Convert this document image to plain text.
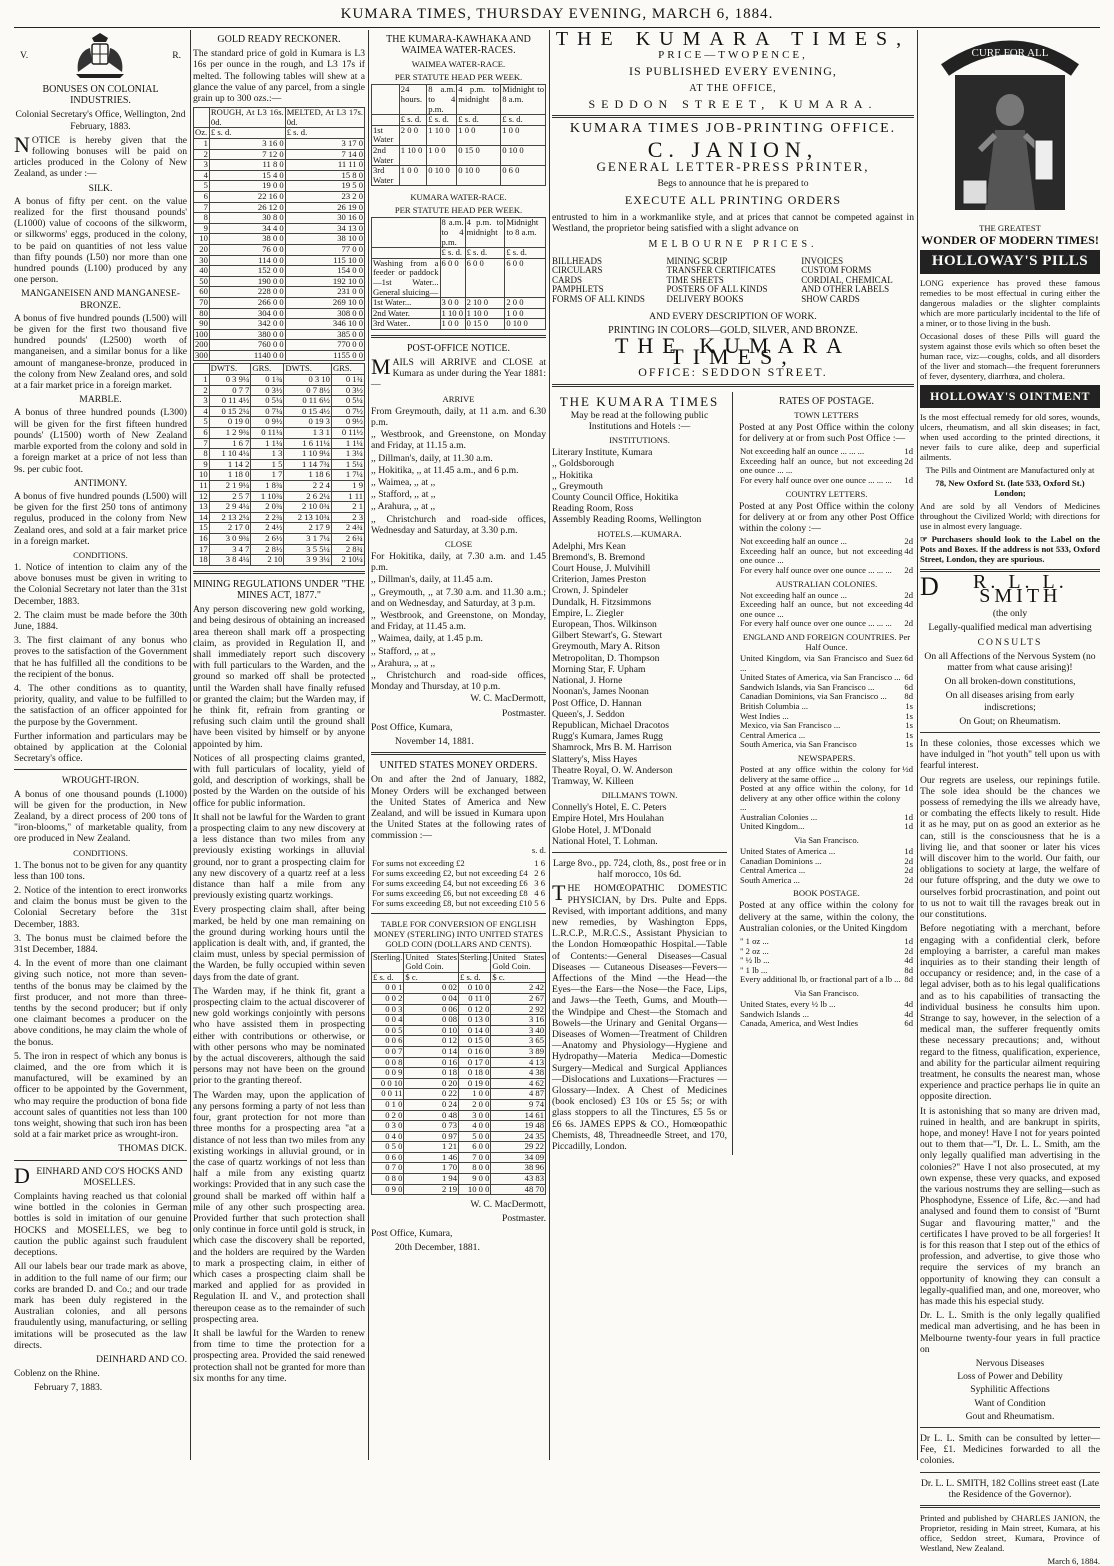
KUMARA TIMES, THURSDAY EVENING, MARCH 6, 1884.
V.	R.
BONUSES ON COLONIAL INDUSTRIES.

Colonial Secretary's Office, Wellington, 2nd February, 1883.

NOTICE is hereby given that the following bonuses will be paid on articles produced in the Colony of New Zealand, as under :—

SILK.

A bonus of fifty per cent. on the value realized for the first thousand pounds' (L1000) value of cocoons of the silkworm, or silkworms' eggs, produced in the colony, to be paid on quantities of not less value than fifty pounds (L50) nor more than one hundred pounds (L100) produced by any one person.

MANGANEISEN AND MANGANESE-BRONZE.

A bonus of five hundred pounds (L500) will be given for the first two thousand five hundred pounds' (L2500) worth of manganeisen, and a similar bonus for a like amount of manganese-bronze, produced in the colony from New Zealand ores, and sold at a fair market price in a foreign market.

MARBLE.

A bonus of three hundred pounds (L300) will be given for the first fifteen hundred pounds' (L1500) worth of New Zealand marble exported from the colony and sold in a foreign market at a price of not less than 9s. per cubic foot.

ANTIMONY.

A bonus of five hundred pounds (L500) will be given for the first 250 tons of antimony regulus, produced in the colony from New Zealand ores, and sold at a fair market price in a foreign market.

CONDITIONS.

1. Notice of intention to claim any of the above bonuses must be given in writing to the Colonial Secretary not later than the 31st December, 1883.

2. The claim must be made before the 30th June, 1884.

3. The first claimant of any bonus who proves to the satisfaction of the Government that he has fulfilled all the conditions to be the recipient of the bonus.

4. The other conditions as to quantity, priority, quality, and value to be fulfilled to the satisfaction of an officer appointed for the purpose by the Government.

Further information and particulars may be obtained by application at the Colonial Secretary's office.

WROUGHT-IRON.

A bonus of one thousand pounds (L1000) will be given for the production, in New Zealand, by a direct process of 200 tons of "iron-blooms," of marketable quality, from ore produced in New Zealand.

CONDITIONS.

1. The bonus not to be given for any quantity less than 100 tons.

2. Notice of the intention to erect ironworks and claim the bonus must be given to the Colonial Secretary before the 31st December, 1883.

3. The bonus must be claimed before the 31st December, 1884.

4. In the event of more than one claimant giving such notice, not more than seven-tenths of the bonus may be claimed by the first producer, and not more than three-tenths by the second producer; but if only one claimant becomes a producer on the above conditions, he may claim the whole of the bonus.

5. The iron in respect of which any bonus is claimed, and the ore from which it is manufactured, will be examined by an officer to be appointed by the Government, who may require the production of bona fide account sales of quantities not less than 100 tons weight, showing that such iron has been sold at a fair market price as wrought-iron.

THOMAS DICK.

DEINHARD AND CO'S HOCKS AND MOSELLES.

Complaints having reached us that colonial wine bottled in the colonies in German bottles is sold in imitation of our genuine HOCKS and MOSELLES, we beg to caution the public against such fraudulent deceptions.

All our labels bear our trade mark as above, in addition to the full name of our firm; our corks are branded D. and Co.; and our trade mark has been duly registered in the Australian colonies, and all persons fraudulently using, manufacturing, or selling imitations will be prosecuted as the law directs.

DEINHARD AND CO.

Coblenz on the Rhine.

February 7, 1883.

GOLD READY RECKONER.

The standard price of gold in Kumara is L3 16s per ounce in the rough, and L3 17s if melted. The following tables will shew at a glance the value of any parcel, from a single grain up to 300 ozs.:—

	ROUGH, At L3 16s. 0d.	MELTED, At L3 17s. 0d.
Oz.	£ s. d.	£ s. d.
1	3 16 0	3 17 0
2	7 12 0	7 14 0
3	11 8 0	11 11 0
4	15 4 0	15 8 0
5	19 0 0	19 5 0
6	22 16 0	23 2 0
7	26 12 0	26 19 0
8	30 8 0	30 16 0
9	34 4 0	34 13 0
10	38 0 0	38 10 0
20	76 0 0	77 0 0
30	114 0 0	115 10 0
40	152 0 0	154 0 0
50	190 0 0	192 10 0
60	228 0 0	231 0 0
70	266 0 0	269 10 0
80	304 0 0	308 0 0
90	342 0 0	346 10 0
100	380 0 0	385 0 0
200	760 0 0	770 0 0
300	1140 0 0	1155 0 0
	DWTS.	GRS.	DWTS.	GRS.
1	0 3 9¼	0 1¾	0 3 10	0 1¾
2	0 7 7	0 3½	0 7 8½	0 3½
3	0 11 4½	0 5¼	0 11 6½	0 5¼
4	0 15 2¼	0 7¼	0 15 4½	0 7½
5	0 19 0	0 9½	0 19 3	0 9½
6	1 2 9¾	0 11¼	1 3 1	0 11½
7	1 6 7	1 1¼	1 6 11¼	1 1¼
8	1 10 4¼	1 3	1 10 9¼	1 3¼
9	1 14 2	1 5	1 14 7¾	1 5¼
10	1 18 0	1 7	1 18 6	1 7¼
11	2 1 9¼	1 8¾	2 2 4	1 9
12	2 5 7	1 10¾	2 6 2¼	1 11
13	2 9 4¼	2 0¾	2 10 0¾	2 1
14	2 13 2¼	2 2¾	2 13 10¾	2 3
15	2 17 0	2 4½	2 17 9	2 4¾
16	3 0 9¾	2 6½	3 1 7¼	2 6¾
17	3 4 7	2 8½	3 5 5¼	2 8¾
18	3 8 4¼	2 10	3 9 3¼	2 10¼
MINING REGULATIONS UNDER "THE MINES ACT, 1877."

Any person discovering new gold working, and being desirous of obtaining an increased area thereon shall mark off a prospecting claim, as provided in Regulation II, and shall immediately report such discovery with full particulars to the Warden, and the ground so marked off shall be protected until the Warden shall have finally refused or granted the claim; but the Warden may, if he think fit, refrain from granting or refusing such claim until the ground shall have been visited by himself or by anyone appointed by him.

Notices of all prospecting claims granted, with full particulars of locality, yield of gold, and description of workings, shall be posted by the Warden on the outside of his office for public information.

It shall not be lawful for the Warden to grant a prospecting claim to any new discovery at a less distance than two miles from any previously existing workings in alluvial ground, nor to grant a prospecting claim for any new discovery of a quartz reef at a less distance than half a mile from any previously existing quartz workings.

Every prospecting claim shall, after being marked, be held by one man remaining on the ground during working hours until the application is dealt with, and, if granted, the claim must, unless by special permission of the Warden, be fully occupied within seven days from the date of grant.

The Warden may, if he think fit, grant a prospecting claim to the actual discoverer of new gold workings conjointly with persons who have assisted them in prospecting either with contributions or otherwise, or with other persons who may be nominated by the actual discoverers, although the said persons may not have been on the ground prior to the granting thereof.

The Warden may, upon the application of any persons forming a party of not less than four, grant protection for not more than three months for a prospecting area "at a distance of not less than two miles from any existing workings in alluvial ground, or in the case of quartz workings of not less than half a mile from any existing quartz workings: Provided that in any such case the ground shall be marked off within half a mile of any other such prospecting area. Provided further that such protection shall only continue in force until gold is struck, in which case the discovery shall be reported, and the holders are required by the Warden to mark a prospecting claim, in either of which cases a prospecting claim shall be marked and applied for as provided in Regulation II. and V., and protection shall thereupon cease as to the remainder of such prospecting area.

It shall be lawful for the Warden to renew from time to time the protection for a prospecting area. Provided the said renewed protection shall not be granted for more than six months for any time.

THE KUMARA-KAWHAKA AND WAIMEA WATER-RACES.
WAIMEA WATER-RACE.
PER STATUTE HEAD PER WEEK.
	24 hours.	8 a.m. to 4 p.m.	4 p.m. to midnight	Midnight to 8 a.m.
	£ s. d.	£ s. d.	£ s. d.	£ s. d.
1st Water	2 0 0	1 10 0	1 0 0	1 0 0
2nd Water	1 10 0	1 0 0	0 15 0	0 10 0
3rd Water	1 0 0	0 10 0	0 10 0	0 6 0
KUMARA WATER-RACE.
PER STATUTE HEAD PER WEEK.
	8 a.m. to 4 p.m.	4 p.m. to midnight	Midnight to 8 a.m.
	£ s. d.	£ s. d.	£ s. d.
Washing from a feeder or paddock—1st Water... General sluicing—	6 0 0	6 0 0	6 0 0
1st Water...	3 0 0	2 10 0	2 0 0
2nd Water.	1 10 0	1 10 0	1 0 0
3rd Water..	1 0 0	0 15 0	0 10 0
POST-OFFICE NOTICE.

MAILS will ARRIVE and CLOSE at Kumara as under during the Year 1881:—

ARRIVE

From Greymouth, daily, at 11 a.m. and 6.30 p.m.

,, Westbrook, and Greenstone, on Monday and Friday, at 11.15 a.m.

,, Dillman's, daily, at 11.30 a.m.

,, Hokitika, ,, at 11.45 a.m., and 6 p.m.

,, Waimea, ,, at ,,

,, Stafford, ,, at ,,

,, Arahura, ,, at ,,

,, Christchurch and road-side offices, Wednesday and Saturday, at 3.30 p.m.

CLOSE

For Hokitika, daily, at 7.30 a.m. and 1.45 p.m.

,, Dillman's, daily, at 11.45 a.m.

,, Greymouth, ,, at 7.30 a.m. and 11.30 a.m.; and on Wednesday, and Saturday, at 3 p.m.

,, Westbrook, and Greenstone, on Monday, and Friday, at 11.45 a.m.

,, Waimea, daily, at 1.45 p.m.

,, Stafford, ,, at ,,

,, Arahura, ,, at ,,

,, Christchurch and road-side offices, Monday and Thursday, at 10 p.m.

W. C. MacDermott,

Postmaster.

Post Office, Kumara,

November 14, 1881.

UNITED STATES MONEY ORDERS.

On and after the 2nd of January, 1882, Money Orders will be exchanged between the United States of America and New Zealand, and will be issued in Kumara upon the United States at the following rates of commission :—

s. d.

For sums not exceeding £2	1 6
For sums exceeding £2, but not exceeding £4	2 6
For sums exceeding £4, but not exceeding £6	3 6
For sums exceeding £6, but not exceeding £8	4 6
For sums exceeding £8, but not exceeding £10	5 6

TABLE FOR CONVERSION OF ENGLISH MONEY (STERLING) INTO UNITED STATES GOLD COIN (DOLLARS AND CENTS).

Sterling.	United States Gold Coin.	Sterling.	United States Gold Coin.
£ s. d.	$ c.	£ s. d.	$ c.
0 0 1	0 02	0 10 0	2 42
0 0 2	0 04	0 11 0	2 67
0 0 3	0 06	0 12 0	2 92
0 0 4	0 08	0 13 0	3 16
0 0 5	0 10	0 14 0	3 40
0 0 6	0 12	0 15 0	3 65
0 0 7	0 14	0 16 0	3 89
0 0 8	0 16	0 17 0	4 13
0 0 9	0 18	0 18 0	4 38
0 0 10	0 20	0 19 0	4 62
0 0 11	0 22	1 0 0	4 87
0 1 0	0 24	2 0 0	9 74
0 2 0	0 48	3 0 0	14 61
0 3 0	0 73	4 0 0	19 48
0 4 0	0 97	5 0 0	24 35
0 5 0	1 21	6 0 0	29 22
0 6 0	1 46	7 0 0	34 09
0 7 0	1 70	8 0 0	38 96
0 8 0	1 94	9 0 0	43 83
0 9 0	2 19	10 0 0	48 70

W. C. MacDermott,

Postmaster.

Post Office, Kumara,

20th December, 1881.

THE KUMARA TIMES,
PRICE—TWOPENCE,
IS PUBLISHED EVERY EVENING,
AT THE OFFICE,
SEDDON STREET, KUMARA.
KUMARA TIMES JOB-PRINTING OFFICE.
C. JANION,
GENERAL LETTER-PRESS PRINTER,

Begs to announce that he is prepared to

EXECUTE ALL PRINTING ORDERS

entrusted to him in a workmanlike style, and at prices that cannot be competed against in Westland, the proprietor being satisfied with a slight advance on

MELBOURNE PRICES.
BILLHEADS	MINING SCRIP	INVOICES
CIRCULARS	TRANSFER CERTIFICATES	CUSTOM FORMS
CARDS	TIME SHEETS	CORDIAL, CHEMICAL
PAMPHLETS	POSTERS OF ALL KINDS	AND OTHER LABELS
FORMS OF ALL KINDS	DELIVERY BOOKS	SHOW CARDS

AND EVERY DESCRIPTION OF WORK.

PRINTING IN COLORS—GOLD, SILVER, AND BRONZE.

THE KUMARA TIMES,
OFFICE: SEDDON STREET.
THE KUMARA TIMES

May be read at the following public Institutions and Hotels :—

INSTITUTIONS.

Literary Institute, Kumara

,, Goldsborough

,, Hokitika

,, Greymouth

County Council Office, Hokitika

Reading Room, Ross

Assembly Reading Rooms, Wellington

HOTELS.—KUMARA.

Adelphi, Mrs Kean

Bremond's, B. Bremond

Court House, J. Mulvihill

Criterion, James Preston

Crown, J. Spindeler

Dundalk, H. Fitzsimmons

Empire, L. Ziegler

European, Thos. Wilkinson

Gilbert Stewart's, G. Stewart

Greymouth, Mary A. Ritson

Metropolitan, D. Thompson

Morning Star, F. Upham

National, J. Horne

Noonan's, James Noonan

Post Office, D. Hannan

Queen's, J. Seddon

Republican, Michael Dracotos

Rugg's Kumara, James Rugg

Shamrock, Mrs B. M. Harrison

Slattery's, Miss Hayes

Theatre Royal, O. W. Anderson

Tramway, W. Killeen

DILLMAN'S TOWN.

Connelly's Hotel, E. C. Peters

Empire Hotel, Mrs Houlahan

Globe Hotel, J. M'Donald

National Hotel, T. Lohman.

Large 8vo., pp. 724, cloth, 8s., post free or in half morocco, 10s 6d.

THE HOMŒOPATHIC DOMESTIC PHYSICIAN, by Drs. Pulte and Epps. Revised, with important additions, and many new remedies, by Washington Epps, L.R.C.P., M.R.C.S., Assistant Physician to the London Homœopathic Hospital.—Table of Contents:—General Diseases—Casual Diseases — Cutaneous Diseases—Fevers—Affections of the Mind —the Head—the Eyes—the Ears—the Nose—the Face, Lips, and Jaws—the Teeth, Gums, and Mouth—the Windpipe and Chest—the Stomach and Bowels—the Urinary and Genital Organs—Diseases of Women—Treatment of Children—Anatomy and Physiology—Hygiene and Hydropathy—Materia Medica—Domestic Surgery—Medical and Surgical Appliances —Dislocations and Luxations—Fractures —Glossary—Index. A Chest of Medicines (book enclosed) £3 10s or £5 5s; or with glass stoppers to all the Tinctures, £5 5s or £6 6s. JAMES EPPS & CO., Homœopathic Chemists, 48, Threadneedle Street, and 170, Piccadilly, London.

RATES OF POSTAGE.
TOWN LETTERS

Posted at any Post Office within the colony for delivery at or from such Post Office :—

Not exceeding half an ounce ... ... ...	1d
Exceeding half an ounce, but not exceeding one ounce ... ...	2d
For every half ounce over one ounce ... ... ...	1d
COUNTRY LETTERS.

Posted at any Post Office within the colony for delivery at or from any other Post Office within the colony :—

Not exceeding half an ounce ...	2d
Exceeding half an ounce, but not exceeding one ounce ...	4d
For every half ounce over one ounce ... ... ...	2d
AUSTRALIAN COLONIES.
Not exceeding half an ounce ...	2d
Exceeding half an ounce, but not exceeding one ounce ...	4d
For every half ounce over one ounce ... ... ...	2d
ENGLAND AND FOREIGN COUNTRIES. Per Half Ounce.
United Kingdom, via San Francisco and Suez ...	6d
United States of America, via San Francisco ...	6d
Sandwich Islands, via San Francisco ...	6d
Canadian Dominions, via San Francisco ...	8d
British Columbia ...	1s
West Indies ...	1s
Mexico, via San Francisco ...	1s
Central America ...	1s
South America, via San Francisco	1s
NEWSPAPERS.
Posted at any office within the colony for delivery at the same office ...	½d
Posted at any office within the colony, for delivery at any other office within the colony ...	1d
Australian Colonies ...	1d
United Kingdom...	1d
Via San Francisco.
United States of America ...	1d
Canadian Dominions ...	2d
Central America ...	2d
South America ...	2d
BOOK POSTAGE.

Posted at any office within the colony for delivery at the same, within the colony, the Australian colonies, or the United Kingdom

" 1 oz ...	1d
" 2 oz ...	2d
" ½ lb ...	4d
" 1 lb ...	8d
Every additional lb, or fractional part of a lb ...	8d
Via San Francisco.
United States, every ½ lb ...	4d
Sandwich Islands ...	4d
Canada, America, and West Indies	6d
CURE FOR ALL
THE GREATEST
WONDER OF MODERN TIMES!
HOLLOWAY'S PILLS

LONG experience has proved these famous remedies to be most effectual in curing either the dangerous maladies or the slighter complaints which are more particularly incidental to the life of a miner, or to those living in the bush.

Occasional doses of these Pills will guard the system against those evils which so often beset the human race, viz:—coughs, colds, and all disorders of the liver and stomach—the frequent forerunners of fever, dysentery, diarrhœa, and cholera.

HOLLOWAY'S OINTMENT

Is the most effectual remedy for old sores, wounds, ulcers, rheumatism, and all skin diseases; in fact, when used according to the printed directions, it never fails to cure alike, deep and superficial ailments.

The Pills and Ointment are Manufactured only at

78, New Oxford St. (late 533, Oxford St.) London;

And are sold by all Vendors of Medicines throughout the Civilized World; with directions for use in almost every language.

☞ Purchasers should look to the Label on the Pots and Boxes. If the address is not 533, Oxford Street, London, they are spurious.

D R. L. L. SMITH

(the only

Legally-qualified medical man advertising

CONSULTS

On all Affections of the Nervous System (no matter from what cause arising)!

On all broken-down constitutions,

On all diseases arising from early indiscretions;

On Gout; on Rheumatism.

In these colonies, those excesses which we have indulged in "hot youth" tell upon us with fearful interest.

Our regrets are useless, our repinings futile. The sole idea should be the chances we possess of remedying the ills we already have, or combating the effects likely to result. Hide it as he may, put on as good an exterior as he can, still is the consciousness that he is a living lie, and that sooner or later his vices will discover him to the world. Our faith, our obligations to society at large, the welfare of our future offspring, and the duty we owe to ourselves forbid procrastination, and point out to us not to wait till the ravages break out in our constitutions.

Before negotiating with a merchant, before engaging with a confidential clerk, before employing a barrister, a careful man makes inquiries as to their standing their length of occupancy or residence; and, in the case of a legal adviser, both as to his legal qualifications and as to his capabilities of transacting the individual business he consults him upon. Strange to say, however, in the selection of a medical man, the sufferer frequently omits these necessary precautions; and, without regard to the fitness, qualification, experience, and ability for the particular ailment requiring treatment, he consults the nearest man, whose experience and practice perhaps lie in quite an opposite direction.

It is astonishing that so many are driven mad, ruined in health, and are bankrupt in spirits, hope, and money! Have I not for years pointed out to them that—"I, Dr. L. L. Smith, am the only legally qualified man advertising in the colonies?" Have I not also prosecuted, at my own expense, these very quacks, and exposed the various nostrums they are selling—such as Phosphodyne, Essence of Life, &c.—and had analysed and found them to consist of "Burnt Sugar and flavouring matter," and the certificates I have proved to be all forgeries! It is for this reason that I step out of the ethics of profession, and advertise, to give those who require the services of my branch an opportunity of knowing they can consult a legally-qualified man, and one, moreover, who has made this his especial study.

Dr. L. L. Smith is the only legally qualified medical man advertising, and he has been in Melbourne twenty-four years in full practice on

Nervous Diseases

Loss of Power and Debility

Syphilitic Affections

Want of Condition

Gout and Rheumatism.

Dr L. L. Smith can be consulted by letter—Fee, £1. Medicines forwarded to all the colonies.

Dr. L. L. SMITH, 182 Collins street east (Late the Residence of the Governor).

Printed and published by CHARLES JANION, the Proprietor, residing in Main street, Kumara, at his office, Seddon street, Kumara, Province of Westland, New Zealand.

March 6, 1884.
